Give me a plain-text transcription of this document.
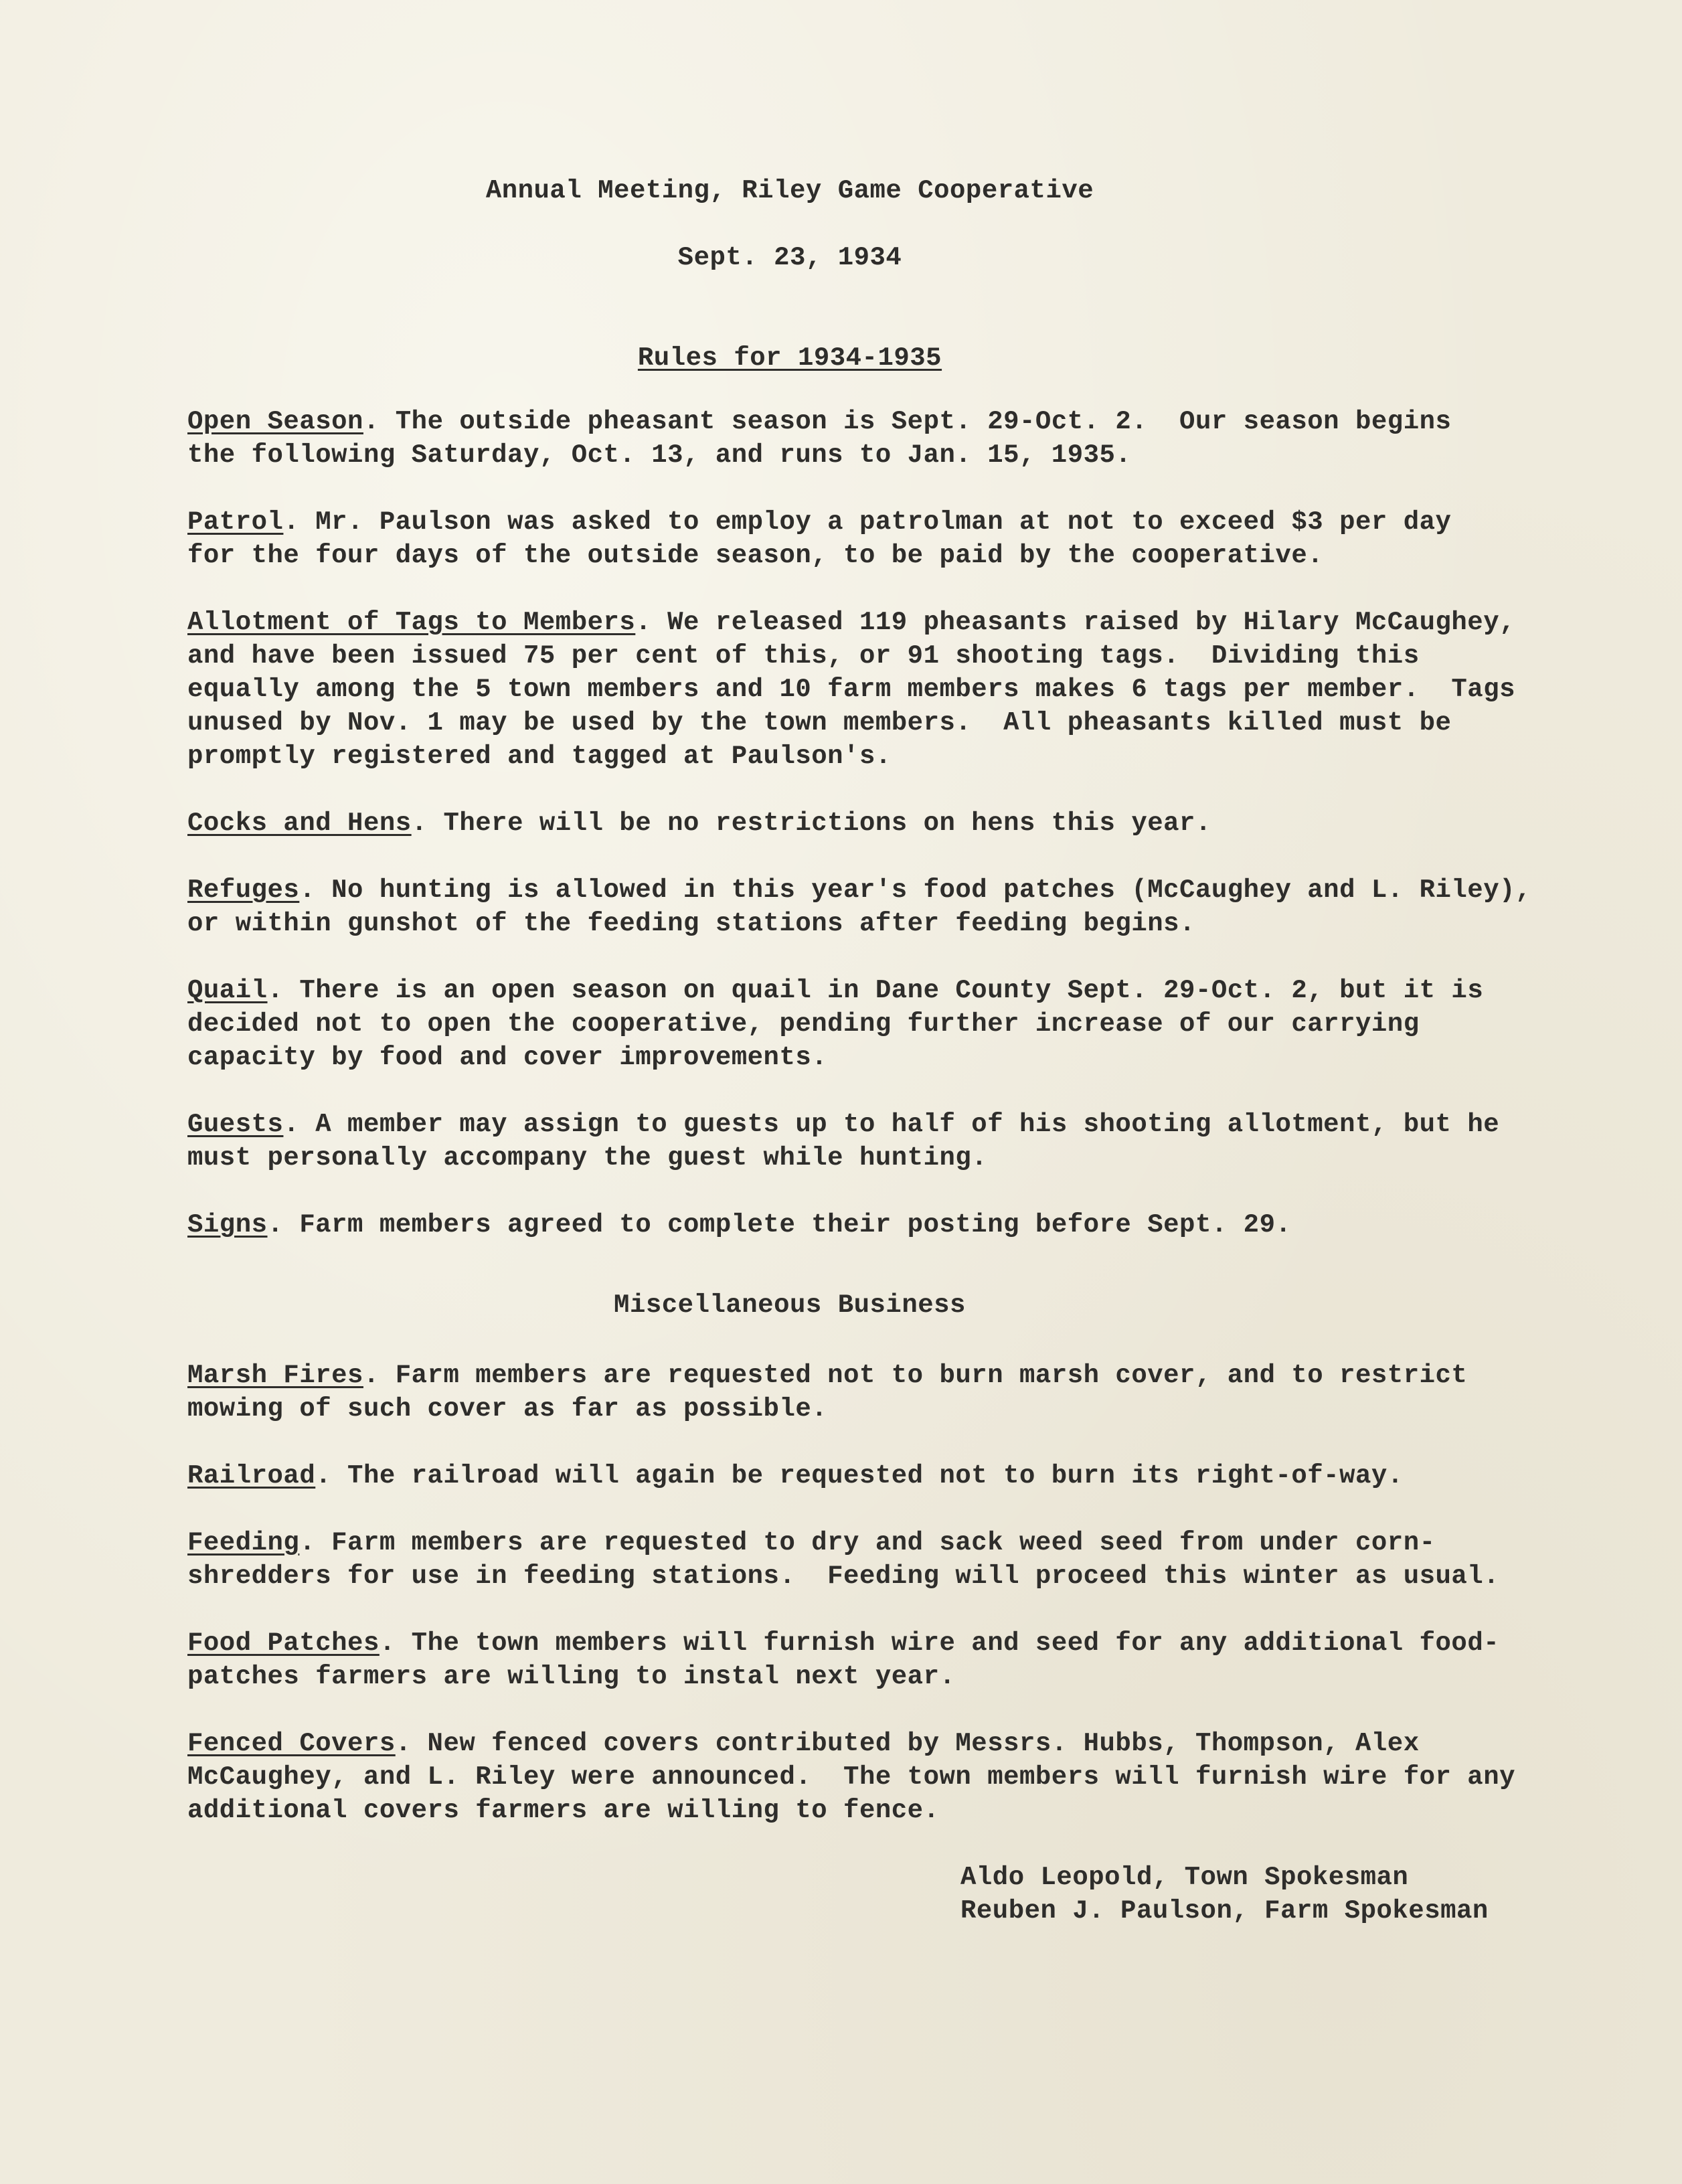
Annual Meeting, Riley Game Cooperative
Sept. 23, 1934
Rules for 1934-1935
Open Season. The outside pheasant season is Sept. 29-Oct. 2.  Our season begins
the following Saturday, Oct. 13, and runs to Jan. 15, 1935.
Patrol. Mr. Paulson was asked to employ a patrolman at not to exceed $3 per day
for the four days of the outside season, to be paid by the cooperative.
Allotment of Tags to Members. We released 119 pheasants raised by Hilary McCaughey,
and have been issued 75 per cent of this, or 91 shooting tags.  Dividing this
equally among the 5 town members and 10 farm members makes 6 tags per member.  Tags
unused by Nov. 1 may be used by the town members.  All pheasants killed must be
promptly registered and tagged at Paulson's.
Cocks and Hens. There will be no restrictions on hens this year.
Refuges. No hunting is allowed in this year's food patches (McCaughey and L. Riley),
or within gunshot of the feeding stations after feeding begins.
Quail. There is an open season on quail in Dane County Sept. 29-Oct. 2, but it is
decided not to open the cooperative, pending further increase of our carrying
capacity by food and cover improvements.
Guests. A member may assign to guests up to half of his shooting allotment, but he
must personally accompany the guest while hunting.
Signs. Farm members agreed to complete their posting before Sept. 29.
Miscellaneous Business
Marsh Fires. Farm members are requested not to burn marsh cover, and to restrict
mowing of such cover as far as possible.
Railroad. The railroad will again be requested not to burn its right-of-way.
Feeding. Farm members are requested to dry and sack weed seed from under corn-
shredders for use in feeding stations.  Feeding will proceed this winter as usual.
Food Patches. The town members will furnish wire and seed for any additional food-
patches farmers are willing to instal next year.
Fenced Covers. New fenced covers contributed by Messrs. Hubbs, Thompson, Alex
McCaughey, and L. Riley were announced.  The town members will furnish wire for any
additional covers farmers are willing to fence.
Aldo Leopold, Town Spokesman
Reuben J. Paulson, Farm Spokesman
